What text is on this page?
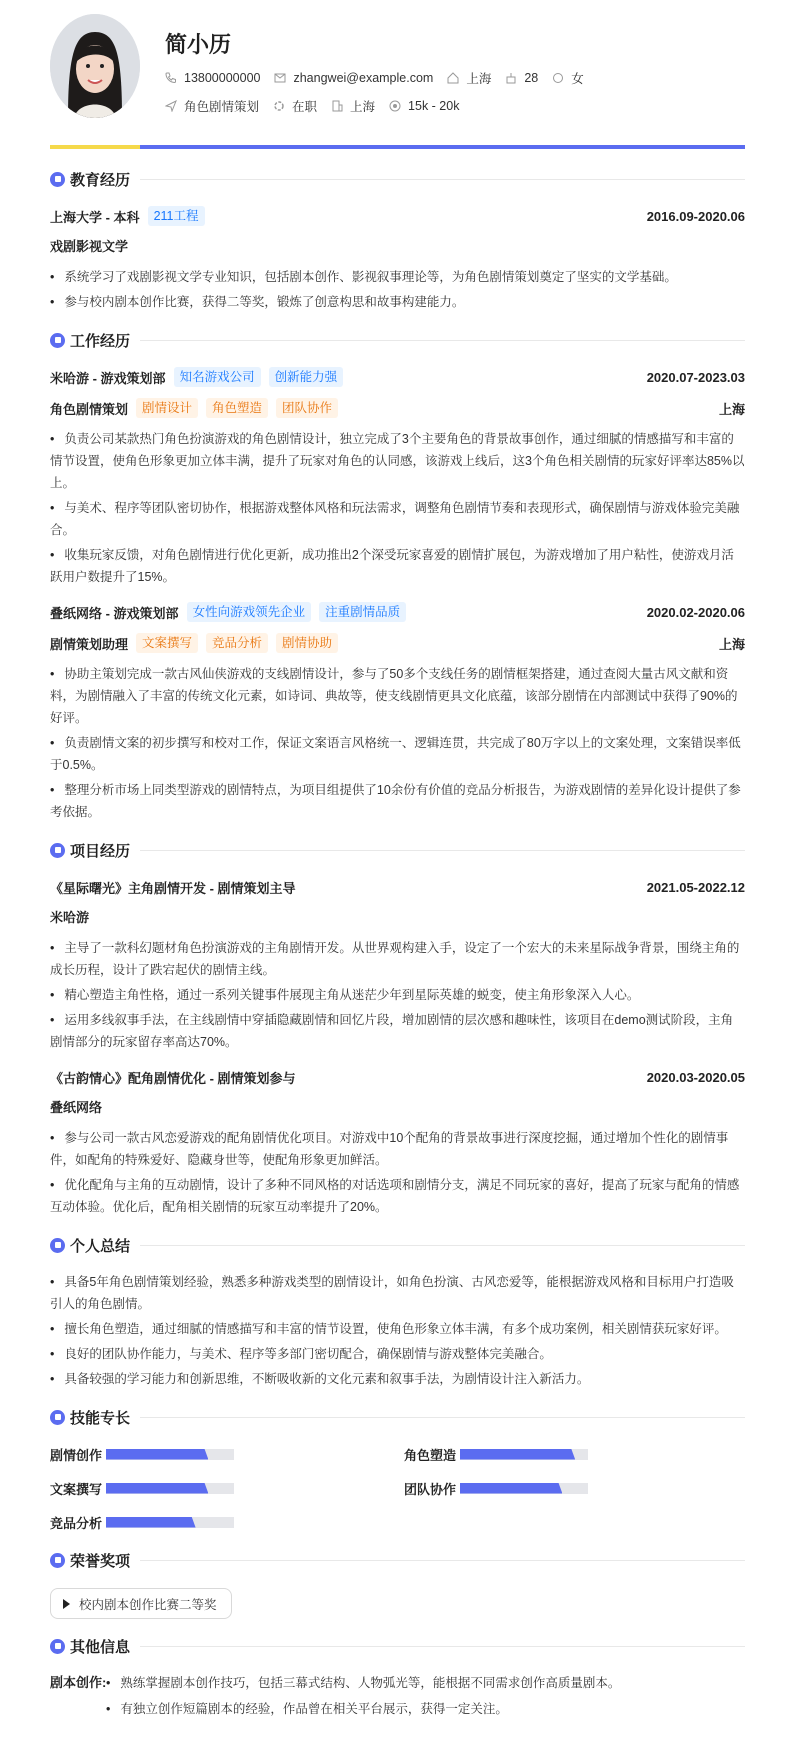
简小历
13800000000	zhangwei@example.com	上海	28	女
角色剧情策划	在职	上海	15k - 20k
教育经历
上海大学 - 本科	211工程	2016.09-2020.06
戏剧影视文学
• 系统学习了戏剧影视文学专业知识，包括剧本创作、影视叙事理论等，为角色剧情策划奠定了坚实的文学基础。
• 参与校内剧本创作比赛，获得二等奖，锻炼了创意构思和故事构建能力。
工作经历
米哈游 - 游戏策划部	知名游戏公司	创新能力强	2020.07-2023.03
角色剧情策划	剧情设计	角色塑造	团队协作	上海
• 负责公司某款热门角色扮演游戏的角色剧情设计，独立完成了3个主要角色的背景故事创作，通过细腻的情感描写和丰富的情节设置，使角色形象更加立体丰满，提升了玩家对角色的认同感，该游戏上线后，这3个角色相关剧情的玩家好评率达85%以上。
• 与美术、程序等团队密切协作，根据游戏整体风格和玩法需求，调整角色剧情节奏和表现形式，确保剧情与游戏体验完美融合。
• 收集玩家反馈，对角色剧情进行优化更新，成功推出2个深受玩家喜爱的剧情扩展包，为游戏增加了用户粘性，使游戏月活跃用户数提升了15%。
叠纸网络 - 游戏策划部	女性向游戏领先企业	注重剧情品质	2020.02-2020.06
剧情策划助理	文案撰写	竞品分析	剧情协助	上海
• 协助主策划完成一款古风仙侠游戏的支线剧情设计，参与了50多个支线任务的剧情框架搭建，通过查阅大量古风文献和资料，为剧情融入了丰富的传统文化元素，如诗词、典故等，使支线剧情更具文化底蕴，该部分剧情在内部测试中获得了90%的好评。
• 负责剧情文案的初步撰写和校对工作，保证文案语言风格统一、逻辑连贯，共完成了80万字以上的文案处理，文案错误率低于0.5%。
• 整理分析市场上同类型游戏的剧情特点，为项目组提供了10余份有价值的竞品分析报告，为游戏剧情的差异化设计提供了参考依据。
项目经历
《星际曙光》主角剧情开发 - 剧情策划主导	2021.05-2022.12
米哈游
• 主导了一款科幻题材角色扮演游戏的主角剧情开发。从世界观构建入手，设定了一个宏大的未来星际战争背景，围绕主角的成长历程，设计了跌宕起伏的剧情主线。
• 精心塑造主角性格，通过一系列关键事件展现主角从迷茫少年到星际英雄的蜕变，使主角形象深入人心。
• 运用多线叙事手法，在主线剧情中穿插隐藏剧情和回忆片段，增加剧情的层次感和趣味性，该项目在demo测试阶段，主角剧情部分的玩家留存率高达70%。
《古韵情心》配角剧情优化 - 剧情策划参与	2020.03-2020.05
叠纸网络
• 参与公司一款古风恋爱游戏的配角剧情优化项目。对游戏中10个配角的背景故事进行深度挖掘，通过增加个性化的剧情事件，如配角的特殊爱好、隐藏身世等，使配角形象更加鲜活。
• 优化配角与主角的互动剧情，设计了多种不同风格的对话选项和剧情分支，满足不同玩家的喜好，提高了玩家与配角的情感互动体验。优化后，配角相关剧情的玩家互动率提升了20%。
个人总结
• 具备5年角色剧情策划经验，熟悉多种游戏类型的剧情设计，如角色扮演、古风恋爱等，能根据游戏风格和目标用户打造吸引人的角色剧情。
• 擅长角色塑造，通过细腻的情感描写和丰富的情节设置，使角色形象立体丰满，有多个成功案例，相关剧情获玩家好评。
• 良好的团队协作能力，与美术、程序等多部门密切配合，确保剧情与游戏整体完美融合。
• 具备较强的学习能力和创新思维，不断吸收新的文化元素和叙事手法，为剧情设计注入新活力。
技能专长
剧情创作	角色塑造
文案撰写	团队协作
竞品分析
荣誉奖项
校内剧本创作比赛二等奖
其他信息
剧本创作:	• 熟练掌握剧本创作技巧，包括三幕式结构、人物弧光等，能根据不同需求创作高质量剧本。
• 有独立创作短篇剧本的经验，作品曾在相关平台展示，获得一定关注。
